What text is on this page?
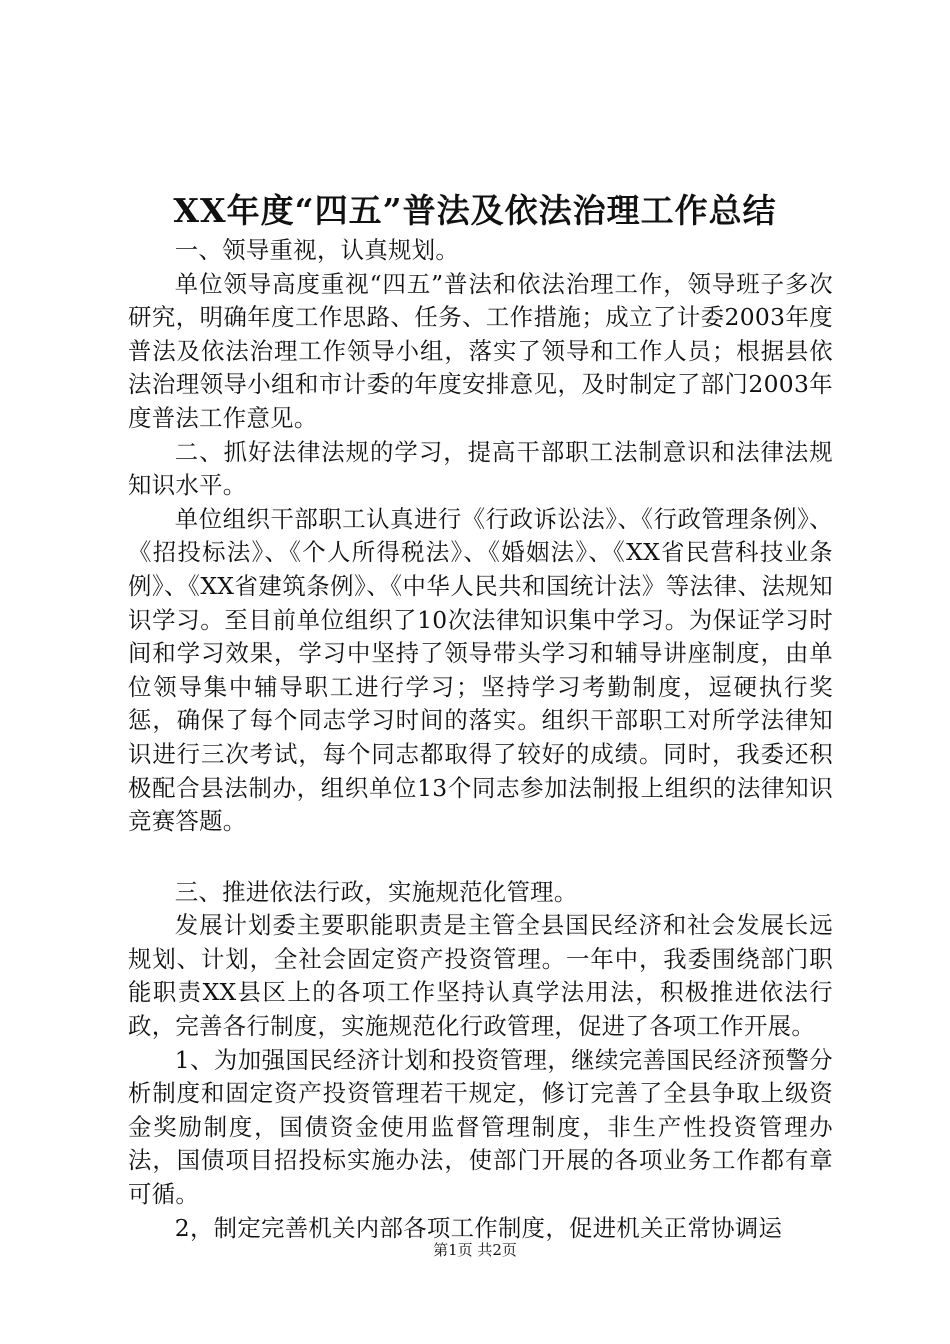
XX年度“四五”普法及依法治理工作总结

一、领导重视，认真规划。

单位领导高度重视“四五”普法和依法治理工作，领导班子多次研究，明确年度工作思路、任务、工作措施；成立了计委2003年度普法及依法治理工作领导小组，落实了领导和工作人员；根据县依法治理领导小组和市计委的年度安排意见，及时制定了部门2003年度普法工作意见。

二、抓好法律法规的学习，提高干部职工法制意识和法律法规知识水平。

单位组织干部职工认真进行《行政诉讼法》、《行政管理条例》、《招投标法》、《个人所得税法》、《婚姻法》、《XX省民营科技业条例》、《XX省建筑条例》、《中华人民共和国统计法》等法律、法规知识学习。至目前单位组织了10次法律知识集中学习。为保证学习时间和学习效果，学习中坚持了领导带头学习和辅导讲座制度，由单位领导集中辅导职工进行学习；坚持学习考勤制度，逗硬执行奖惩，确保了每个同志学习时间的落实。组织干部职工对所学法律知识进行三次考试，每个同志都取得了较好的成绩。同时，我委还积极配合县法制办，组织单位13个同志参加法制报上组织的法律知识竞赛答题。

三、推进依法行政，实施规范化管理。

发展计划委主要职能职责是主管全县国民经济和社会发展长远规划、计划，全社会固定资产投资管理。一年中，我委围绕部门职能职责XX县区上的各项工作坚持认真学法用法，积极推进依法行政，完善各行制度，实施规范化行政管理，促进了各项工作开展。

1、为加强国民经济计划和投资管理，继续完善国民经济预警分析制度和固定资产投资管理若干规定，修订完善了全县争取上级资金奖励制度，国债资金使用监督管理制度，非生产性投资管理办法，国债项目招投标实施办法，使部门开展的各项业务工作都有章可循。

2，制定完善机关内部各项工作制度，促进机关正常协调运

第1页 共2页
